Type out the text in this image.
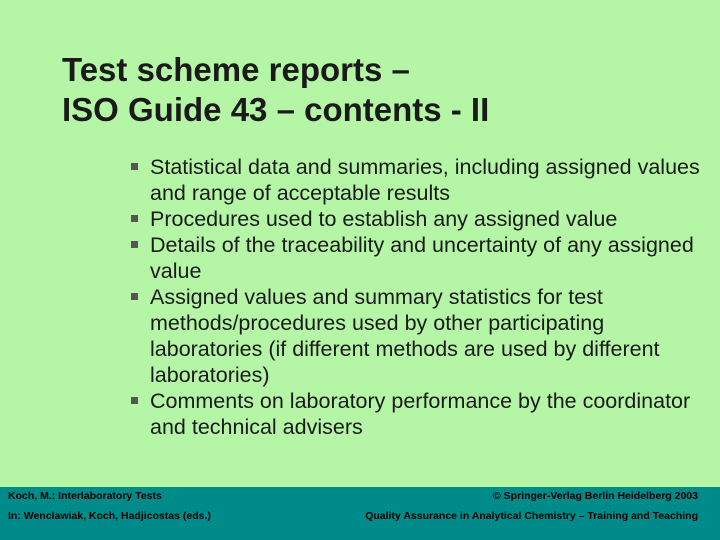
Test scheme reports –
ISO Guide 43 – contents - II
Statistical data and summaries, including assigned values and range of acceptable results
Procedures used to establish any assigned value
Details of the traceability and uncertainty of any assigned value
Assigned values and summary statistics for test methods/procedures used by other participating laboratories (if different methods are used by different laboratories)
Comments on laboratory performance by the coordinator and technical advisers
Koch, M.: Interlaboratory Tests
In: Wenclawiak, Koch, Hadjicostas (eds.)
© Springer-Verlag Berlin Heidelberg 2003
Quality Assurance in Analytical Chemistry – Training and Teaching
